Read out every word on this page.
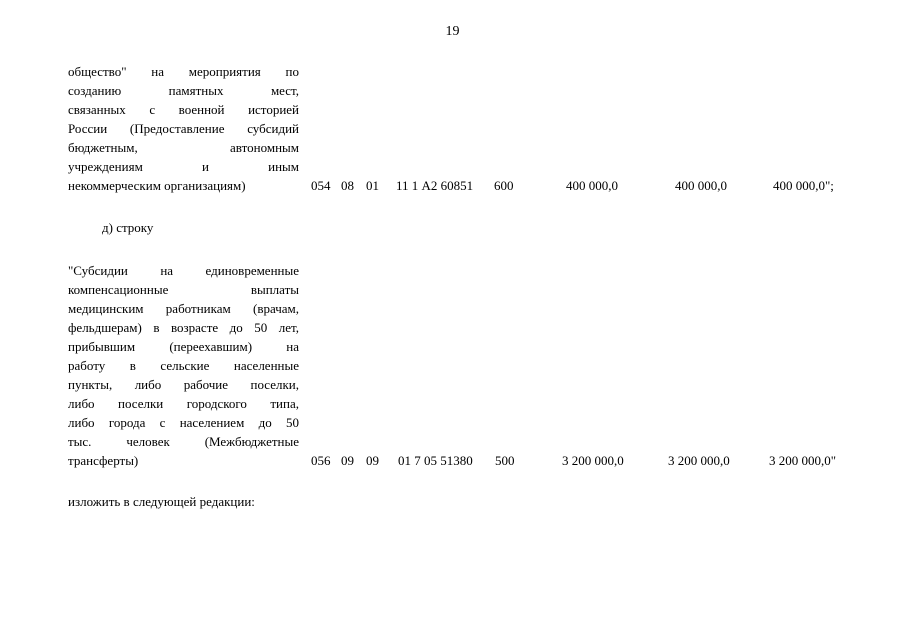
19
общество" на мероприятия по
созданию памятных мест,
связанных с военной историей
России (Предоставление субсидий
бюджетным, автономным
учреждениям и иным
некоммерческим организациям)	054 08 01 11 1 А2 60851 600	400 000,0	400 000,0	400 000,0";
д) строку
"Субсидии на единовременные
компенсационные выплаты
медицинским работникам (врачам,
фельдшерам) в возрасте до 50 лет,
прибывшим (переехавшим) на
работу в сельские населенные
пункты, либо рабочие поселки,
либо поселки городского типа,
либо города с населением до 50
тыс. человек (Межбюджетные
трансферты)	056 09 09 01 7 05 51380 500	3 200 000,0	3 200 000,0	3 200 000,0"
изложить в следующей редакции:
